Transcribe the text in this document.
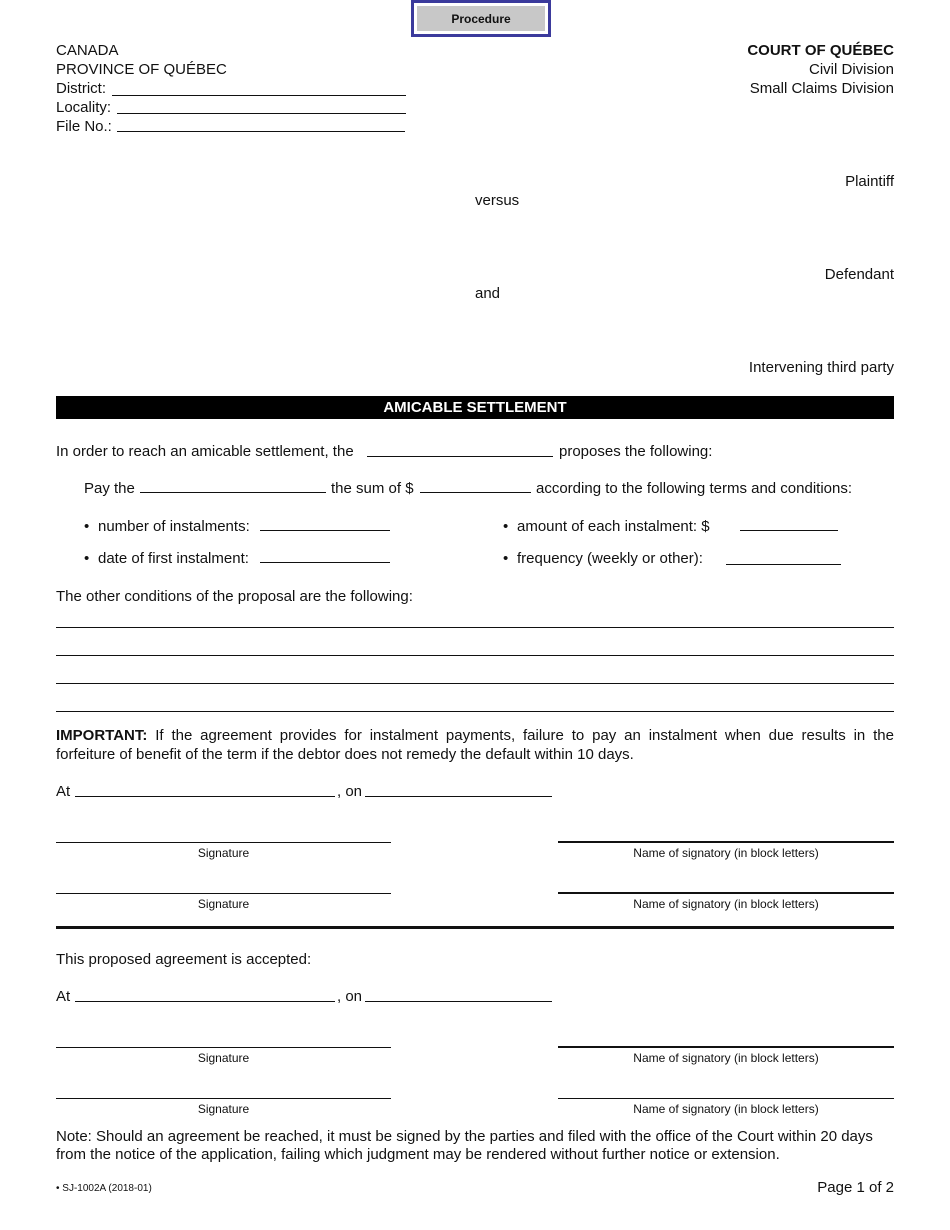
Procedure
CANADA
PROVINCE OF QUÉBEC
District:
Locality:
File No.:
COURT OF QUÉBEC
Civil Division
Small Claims Division
Plaintiff
versus
Defendant
and
Intervening third party
AMICABLE SETTLEMENT
In order to reach an amicable settlement, the	proposes the following:
Pay the	the sum of $	according to the following terms and conditions:
• number of instalments:	• amount of each instalment: $
• date of first instalment:	• frequency (weekly or other):
The other conditions of the proposal are the following:
IMPORTANT: If the agreement provides for instalment payments, failure to pay an instalment when due results in the
forfeiture of benefit of the term if the debtor does not remedy the default within 10 days.
At	, on
Signature	Name of signatory (in block letters)
Signature	Name of signatory (in block letters)
This proposed agreement is accepted:
At	, on
Signature	Name of signatory (in block letters)
Signature	Name of signatory (in block letters)
Note: Should an agreement be reached, it must be signed by the parties and filed with the office of the Court within 20 days
from the notice of the application, failing which judgment may be rendered without further notice or extension.
• SJ-1002A (2018-01)	Page 1 of 2
